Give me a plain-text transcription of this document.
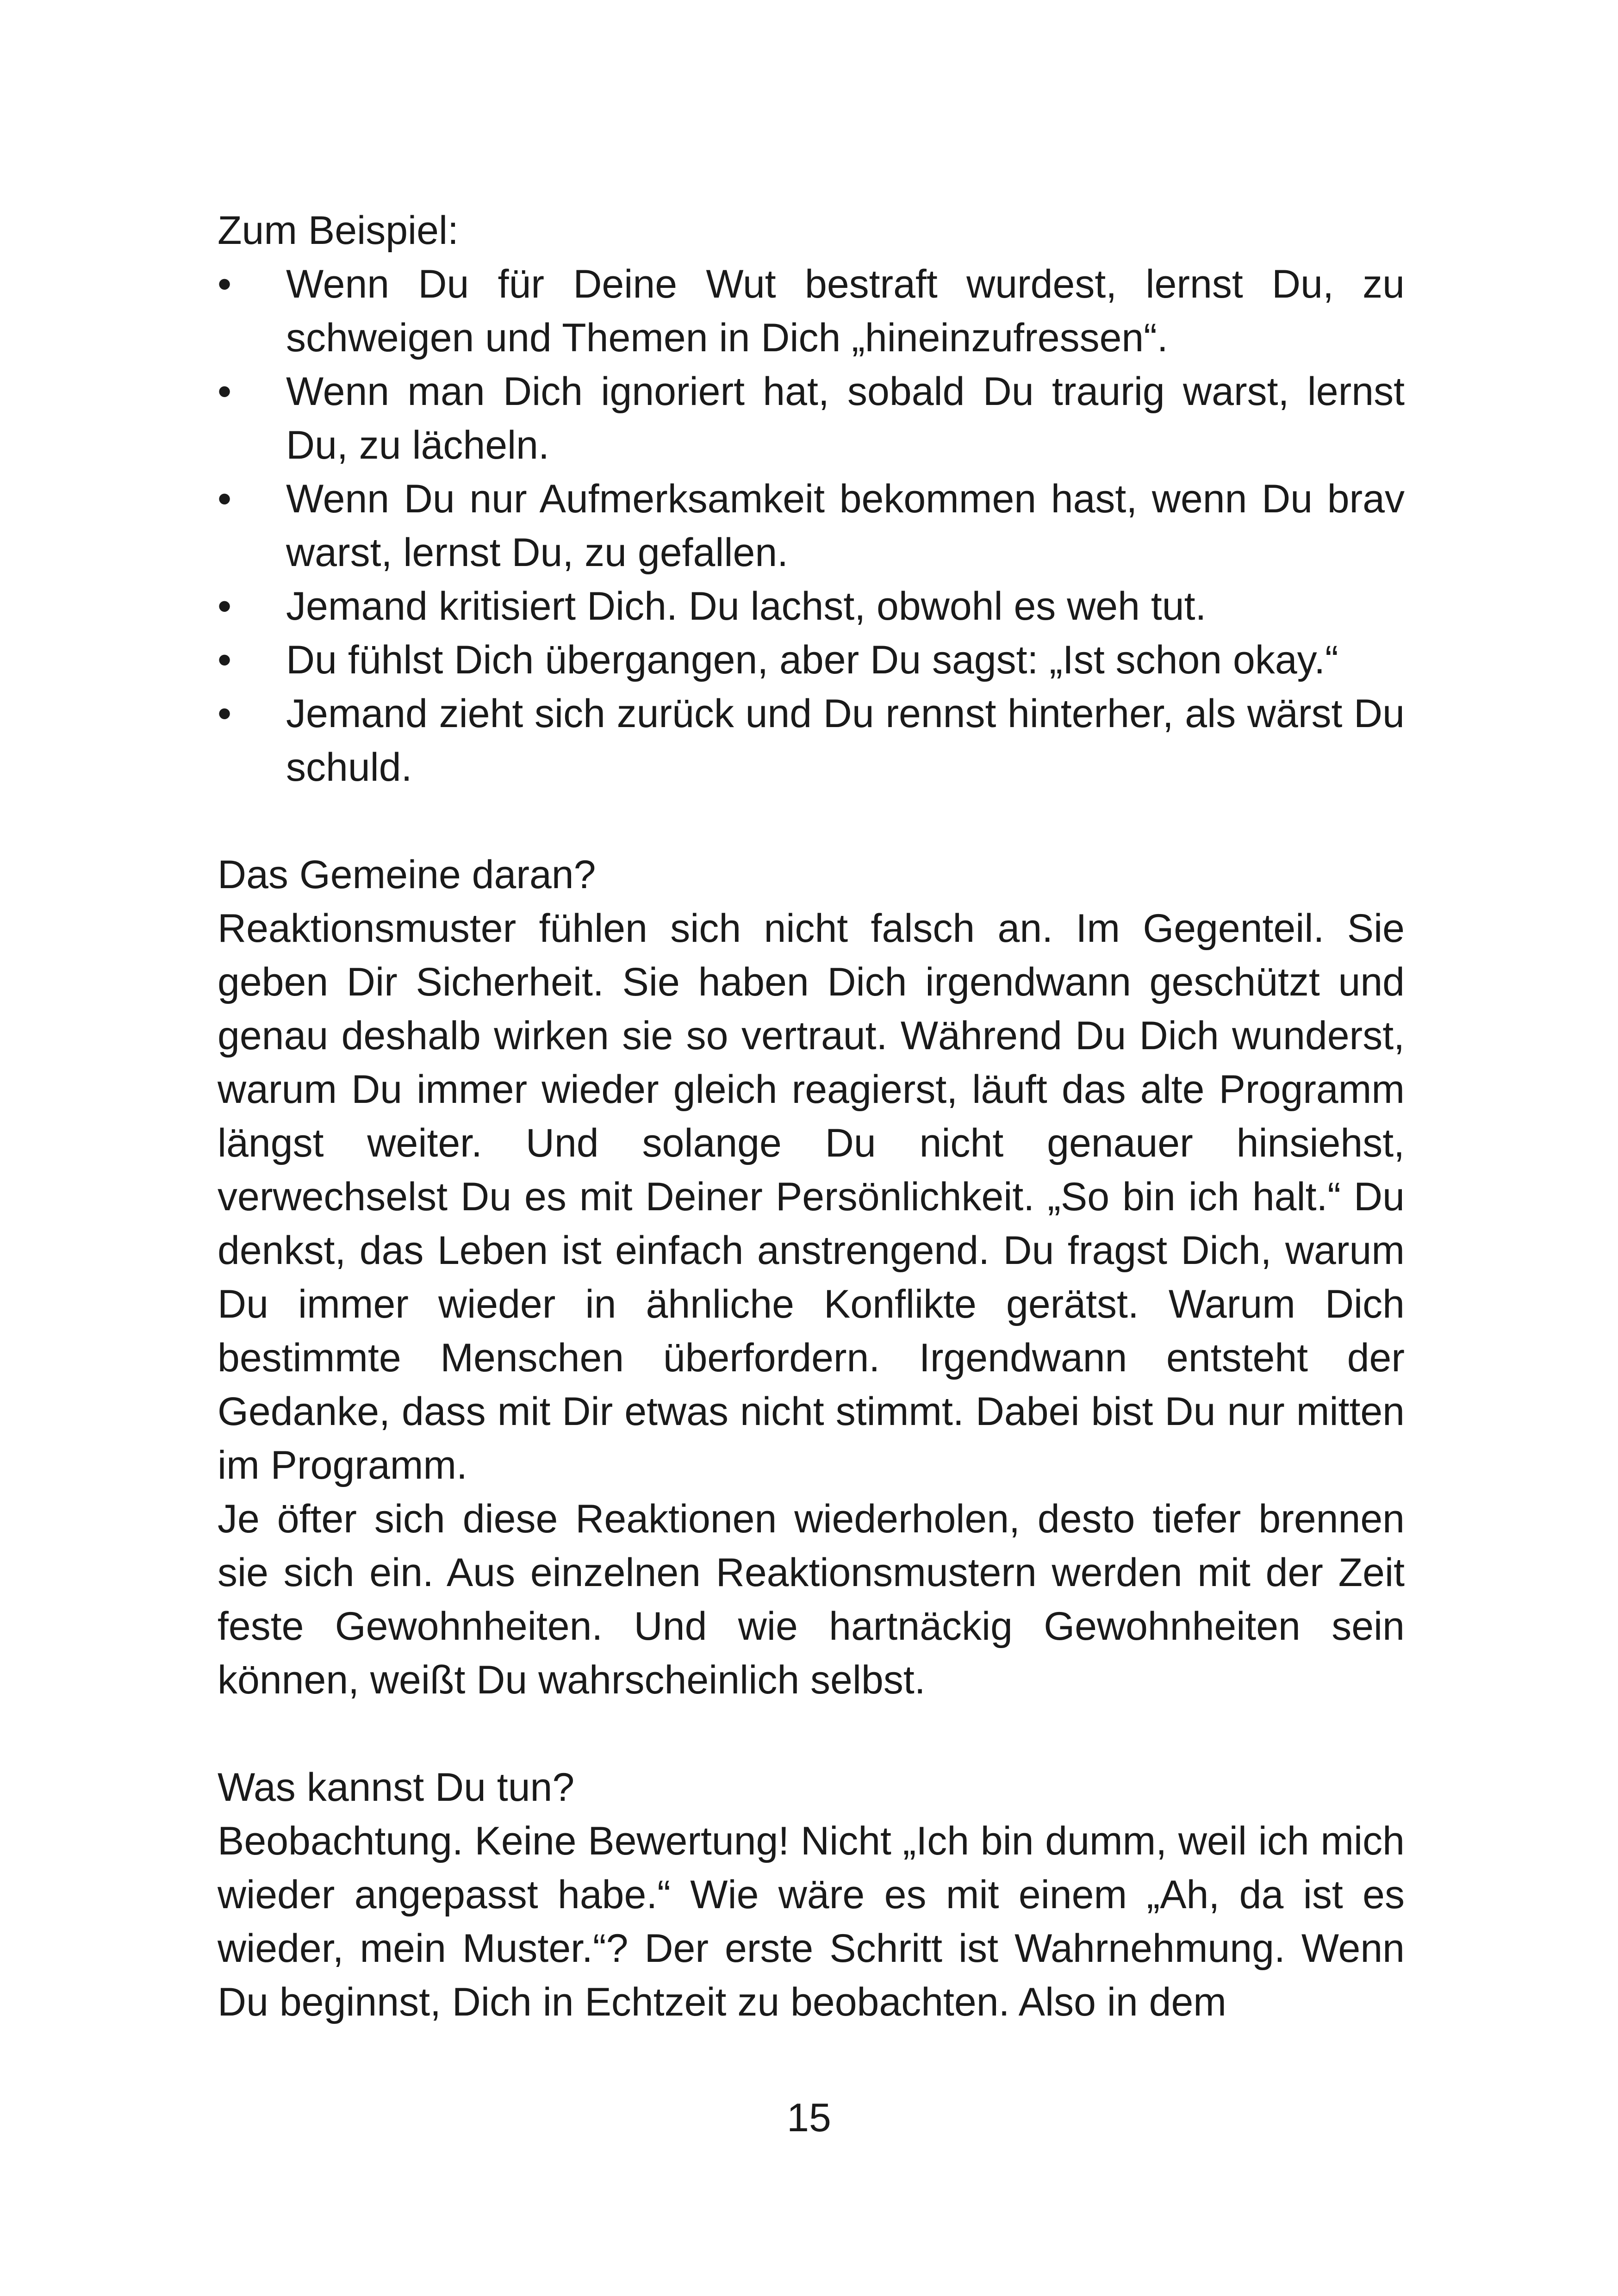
Zum Beispiel:

• Wenn Du für Deine Wut bestraft wurdest, lernst Du, zu schweigen und Themen in Dich „hineinzufressen“.
• Wenn man Dich ignoriert hat, sobald Du traurig warst, lernst Du, zu lächeln.
• Wenn Du nur Aufmerksamkeit bekommen hast, wenn Du brav warst, lernst Du, zu gefallen.
• Jemand kritisiert Dich. Du lachst, obwohl es weh tut.
• Du fühlst Dich übergangen, aber Du sagst: „Ist schon okay.“
• Jemand zieht sich zurück und Du rennst hinterher, als wärst Du schuld.

Das Gemeine daran?

Reaktionsmuster fühlen sich nicht falsch an. Im Gegenteil. Sie geben Dir Sicherheit. Sie haben Dich irgendwann geschützt und genau deshalb wirken sie so vertraut. Während Du Dich wunderst, warum Du immer wieder gleich reagierst, läuft das alte Programm längst weiter. Und solange Du nicht genauer hinsiehst, verwechselst Du es mit Deiner Persönlichkeit. „So bin ich halt.“ Du denkst, das Leben ist einfach anstrengend. Du fragst Dich, warum Du immer wieder in ähnliche Konflikte gerätst. Warum Dich bestimmte Menschen überfordern. Irgendwann entsteht der Gedanke, dass mit Dir etwas nicht stimmt. Dabei bist Du nur mitten im Programm.

Je öfter sich diese Reaktionen wiederholen, desto tiefer brennen sie sich ein. Aus einzelnen Reaktionsmustern werden mit der Zeit feste Gewohnheiten. Und wie hartnäckig Gewohnheiten sein können, weißt Du wahrscheinlich selbst.

Was kannst Du tun?

Beobachtung. Keine Bewertung! Nicht „Ich bin dumm, weil ich mich wieder angepasst habe.“ Wie wäre es mit einem „Ah, da ist es wieder, mein Muster.“? Der erste Schritt ist Wahrnehmung. Wenn Du beginnst, Dich in Echtzeit zu beobachten. Also in dem

15
